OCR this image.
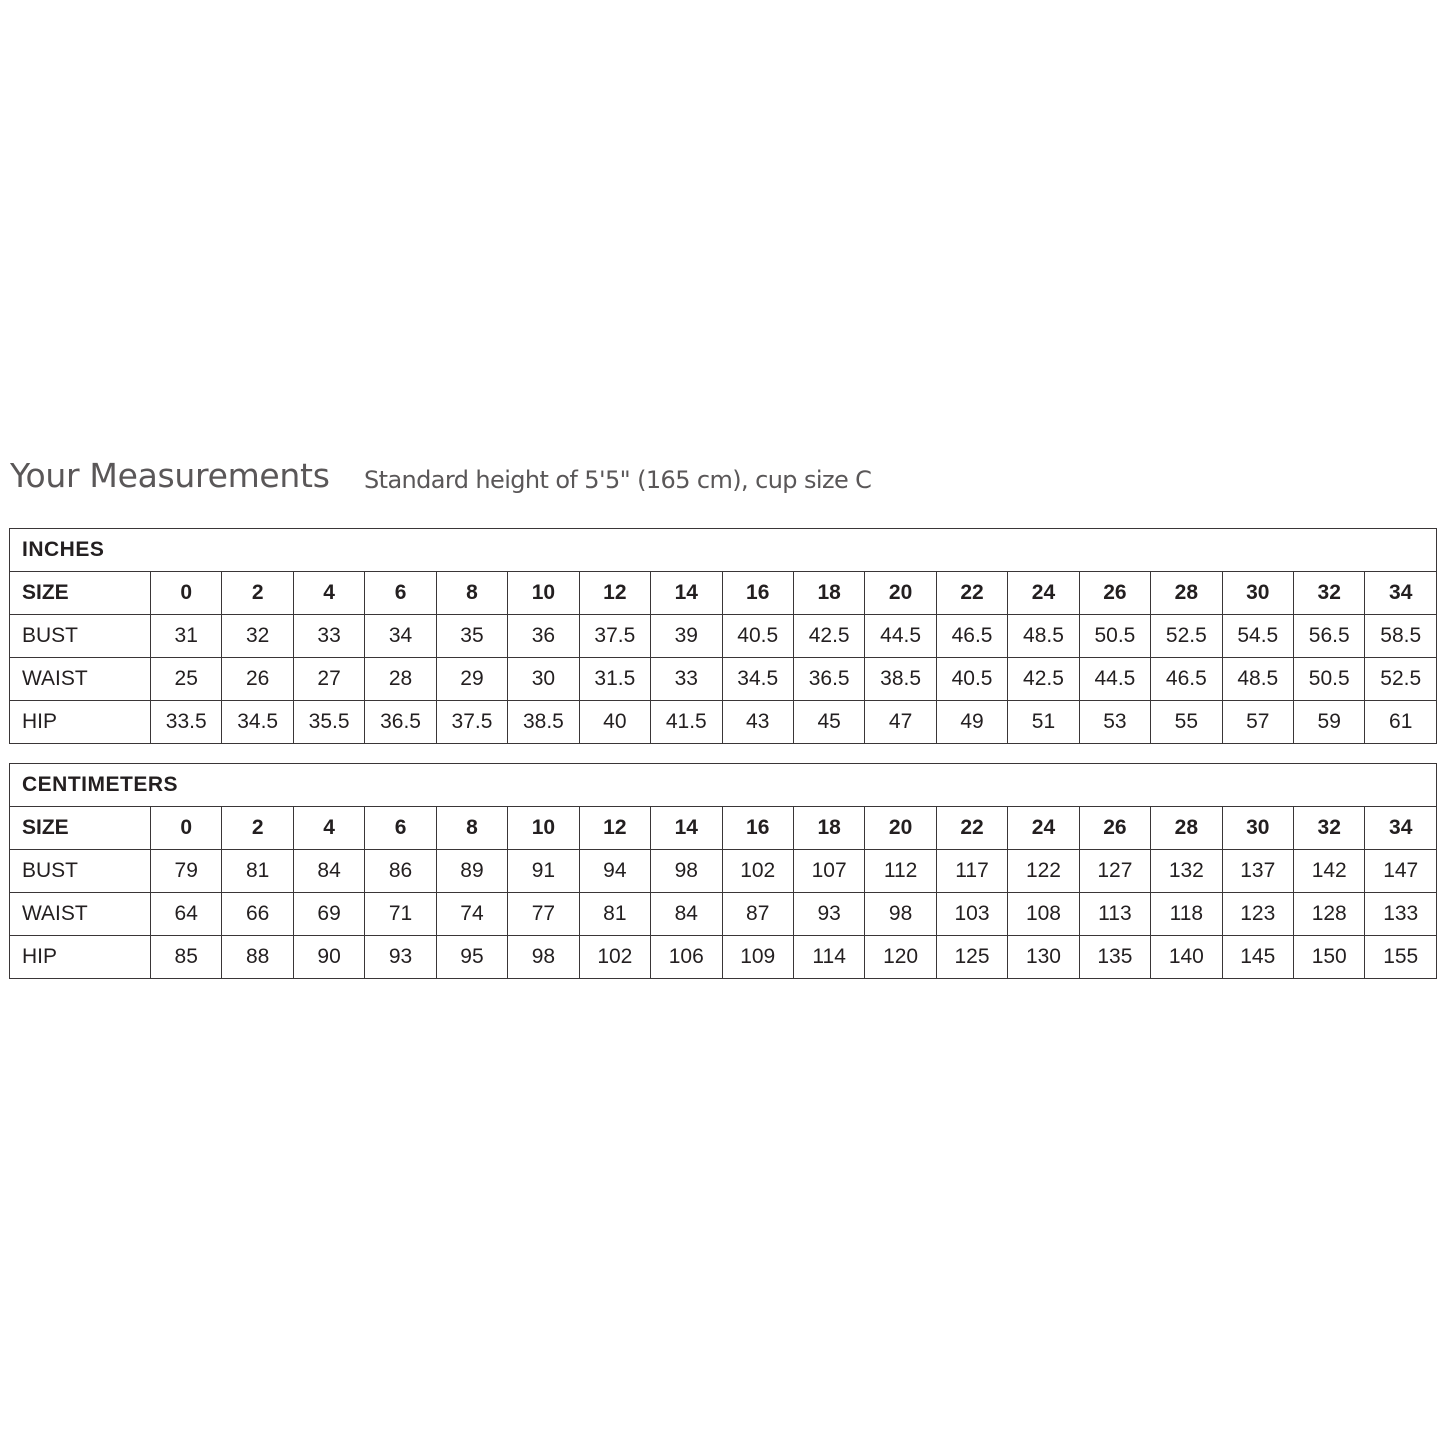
Your Measurements Standard height of 5'5" (165 cm), cup size C
INCHES																		
SIZE	0	2	4	6	8	10	12	14	16	18	20	22	24	26	28	30	32	34
BUST	31	32	33	34	35	36	37.5	39	40.5	42.5	44.5	46.5	48.5	50.5	52.5	54.5	56.5	58.5
WAIST	25	26	27	28	29	30	31.5	33	34.5	36.5	38.5	40.5	42.5	44.5	46.5	48.5	50.5	52.5
HIP	33.5	34.5	35.5	36.5	37.5	38.5	40	41.5	43	45	47	49	51	53	55	57	59	61
CENTIMETERS																		
SIZE	0	2	4	6	8	10	12	14	16	18	20	22	24	26	28	30	32	34
BUST	79	81	84	86	89	91	94	98	102	107	112	117	122	127	132	137	142	147
WAIST	64	66	69	71	74	77	81	84	87	93	98	103	108	113	118	123	128	133
HIP	85	88	90	93	95	98	102	106	109	114	120	125	130	135	140	145	150	155
